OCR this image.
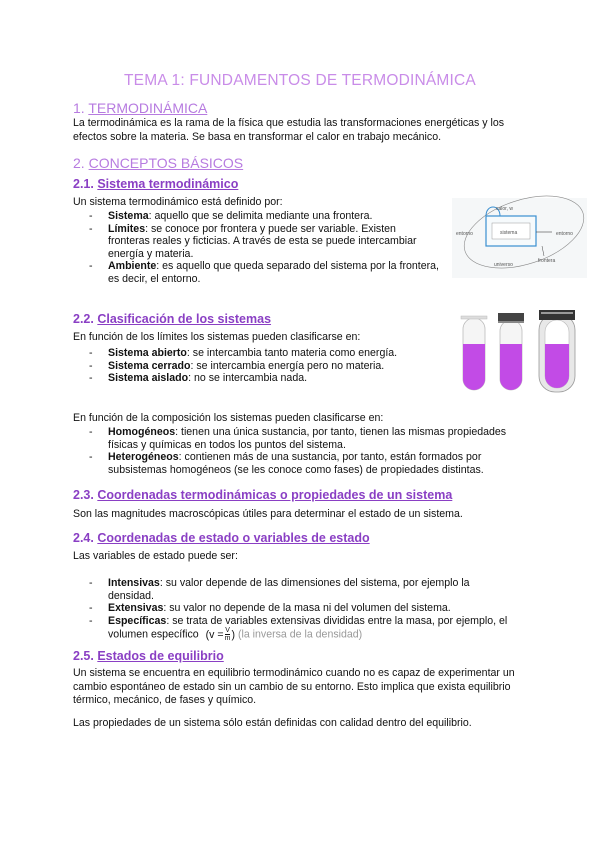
TEMA 1: FUNDAMENTOS DE TERMODINÁMICA
1. TERMODINÁMICA
La termodinámica es la rama de la física que estudia las transformaciones energéticas y los efectos sobre la materia. Se basa en transformar el calor en trabajo mecánico.
2. CONCEPTOS BÁSICOS
2.1. Sistema termodinámico
Un sistema termodinámico está definido por:
- Sistema: aquello que se delimita mediante una frontera.
- Límites: se conoce por frontera y puede ser variable. Existen fronteras reales y ficticias. A través de esta se puede intercambiar energía y materia.
- Ambiente: es aquello que queda separado del sistema por la frontera, es decir, el entorno.
calor, w
entorno	sistema	entorno
frontera
universo
2.2. Clasificación de los sistemas
En función de los límites los sistemas pueden clasificarse en:
- Sistema abierto: se intercambia tanto materia como energía.
- Sistema cerrado: se intercambia energía pero no materia.
- Sistema aislado: no se intercambia nada.
En función de la composición los sistemas pueden clasificarse en:
- Homogéneos: tienen una única sustancia, por tanto, tienen las mismas propiedades físicas y químicas en todos los puntos del sistema.
- Heterogéneos: contienen más de una sustancia, por tanto, están formados por subsistemas homogéneos (se les conoce como fases) de propiedades distintas.
2.3. Coordenadas termodinámicas o propiedades de un sistema
Son las magnitudes macroscópicas útiles para determinar el estado de un sistema.
2.4. Coordenadas de estado o variables de estado
Las variables de estado puede ser:
- Intensivas: su valor depende de las dimensiones del sistema, por ejemplo la densidad.
- Extensivas: su valor no depende de la masa ni del volumen del sistema.
- Específicas: se trata de variables extensivas divididas entre la masa, por ejemplo, el volumen específico ($v = \frac{V}{m}$ ) (la inversa de la densidad)
2.5. Estados de equilibrio
Un sistema se encuentra en equilibrio termodinámico cuando no es capaz de experimentar un cambio espontáneo de estado sin un cambio de su entorno. Esto implica que exista equilibrio térmico, mecánico, de fases y químico.
Las propiedades de un sistema sólo están definidas con calidad dentro del equilibrio.
